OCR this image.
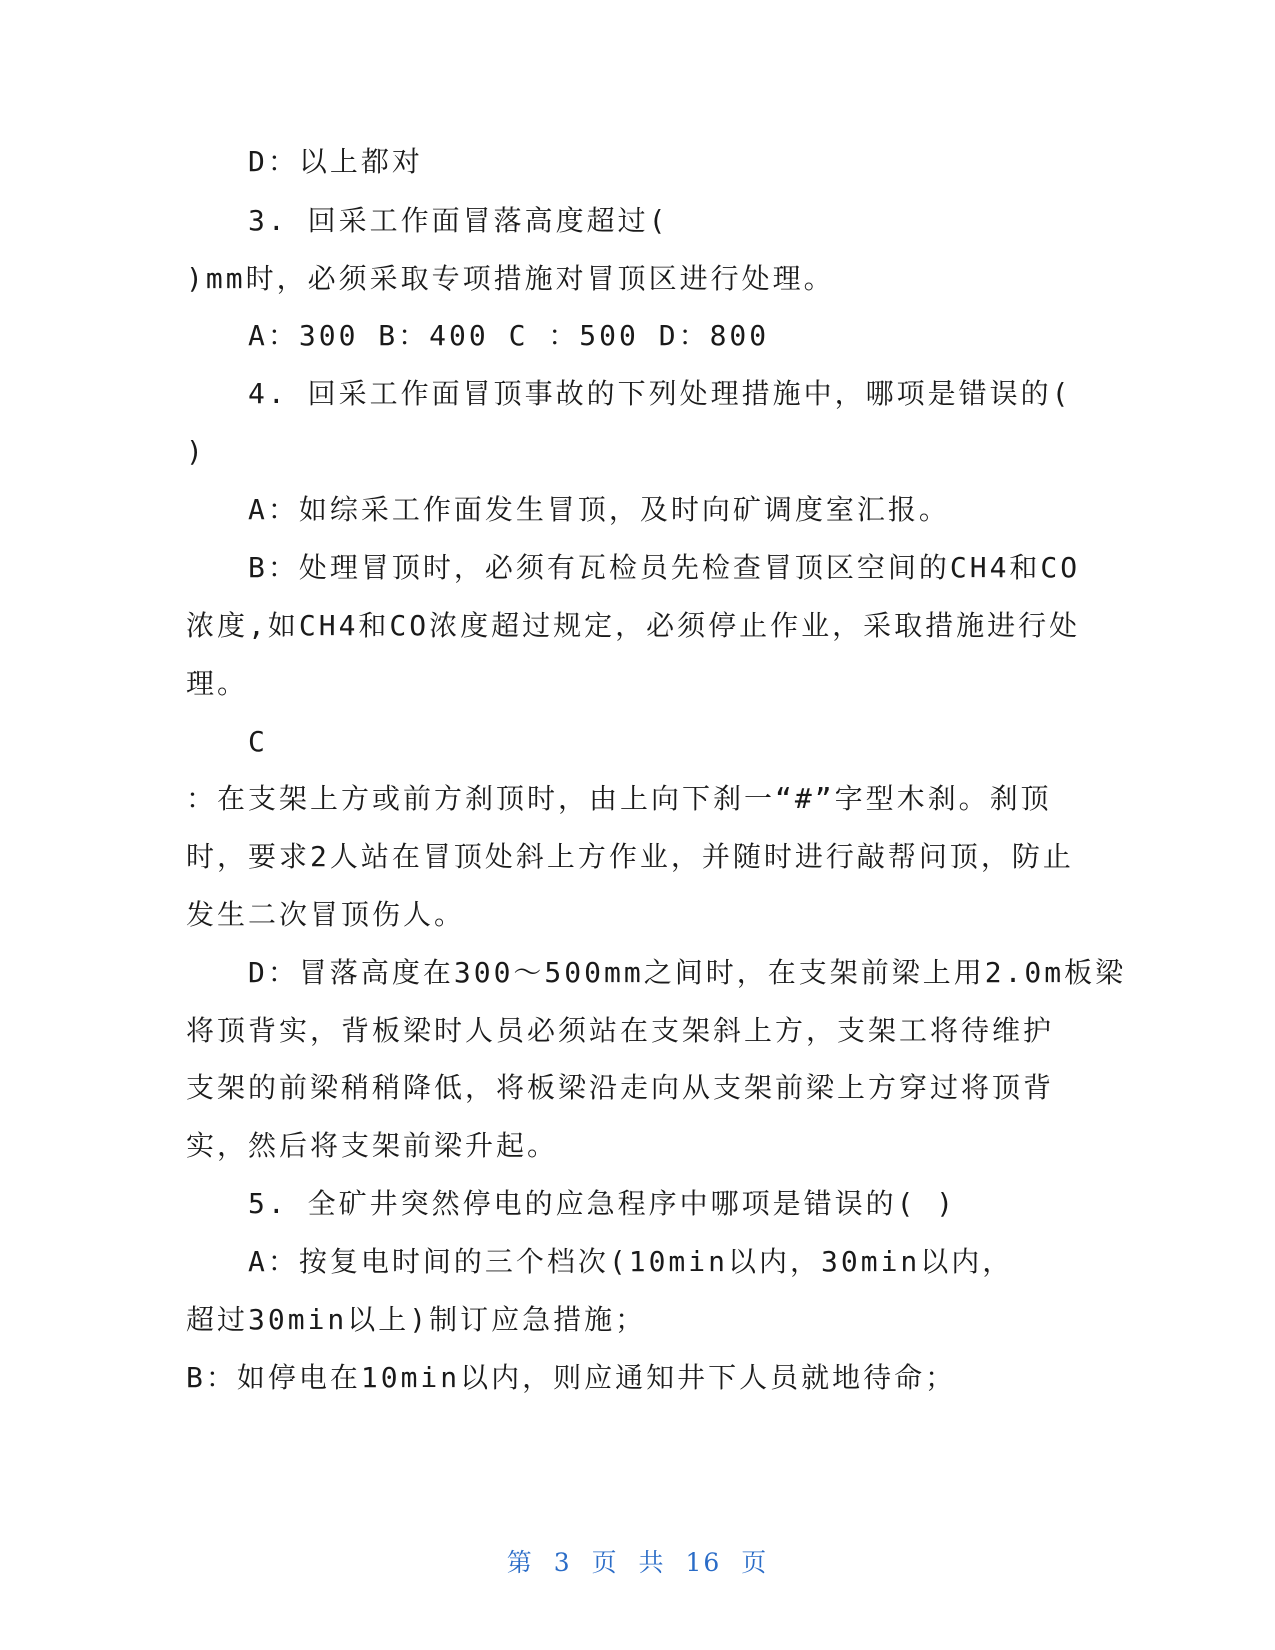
D：以上都对
3. 回采工作面冒落高度超过(
)mm时，必须采取专项措施对冒顶区进行处理。
A：300 B：400 C ：500 D：800
4. 回采工作面冒顶事故的下列处理措施中，哪项是错误的(
)
A：如综采工作面发生冒顶，及时向矿调度室汇报。
B：处理冒顶时，必须有瓦检员先检查冒顶区空间的CH4和CO
浓度,如CH4和CO浓度超过规定，必须停止作业，采取措施进行处
理。
C
：在支架上方或前方刹顶时，由上向下刹一“#”字型木刹。刹顶
时，要求2人站在冒顶处斜上方作业，并随时进行敲帮问顶，防止
发生二次冒顶伤人。
D：冒落高度在300～500mm之间时，在支架前梁上用2.0m板梁
将顶背实，背板梁时人员必须站在支架斜上方，支架工将待维护
支架的前梁稍稍降低，将板梁沿走向从支架前梁上方穿过将顶背
实，然后将支架前梁升起。
5. 全矿井突然停电的应急程序中哪项是错误的( )
A：按复电时间的三个档次(10min以内，30min以内，
超过30min以上)制订应急措施；
B：如停电在10min以内，则应通知井下人员就地待命；
第 3 页 共 16 页
